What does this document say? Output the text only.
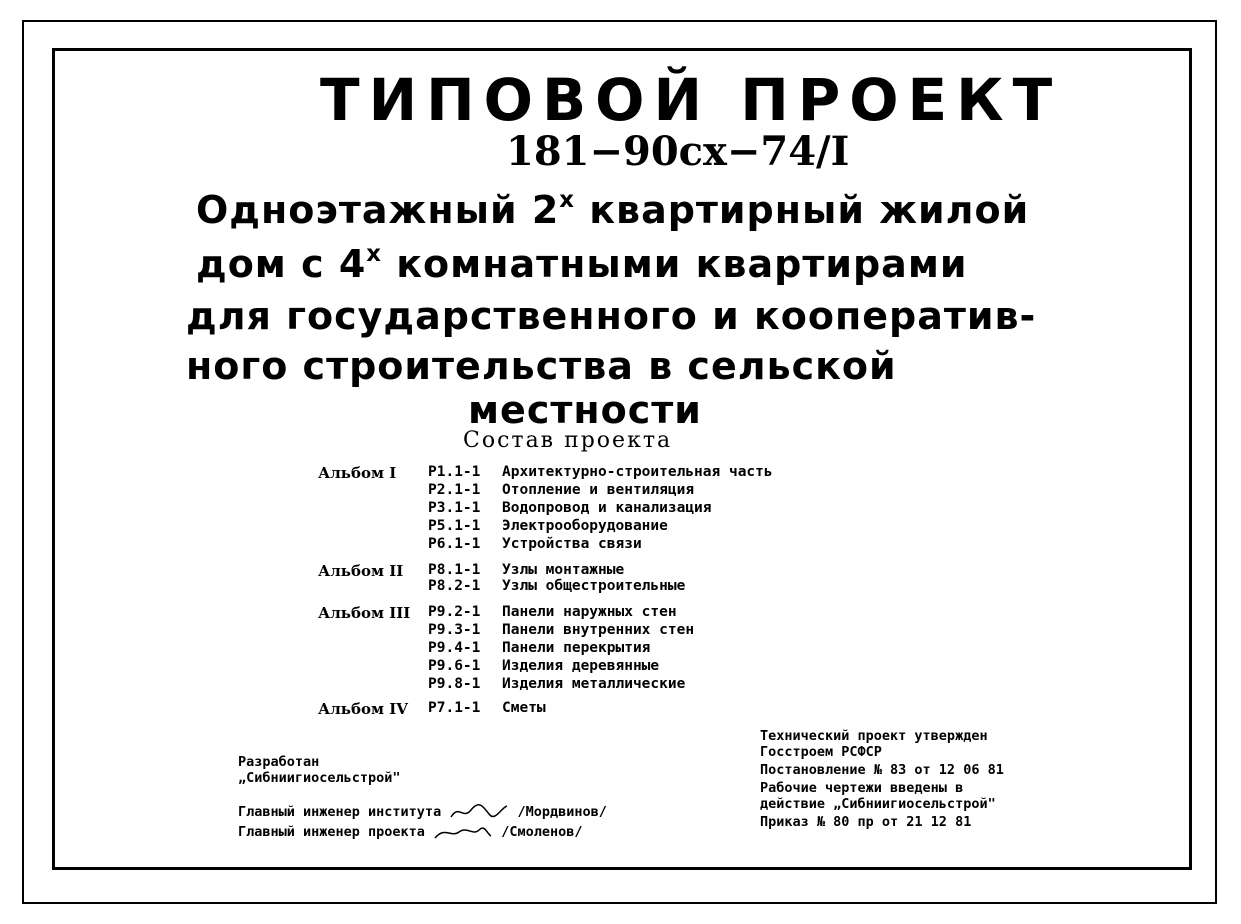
ТИПОВОЙ ПРОЕКТ
181−90сх−74/I
Одноэтажный $2^х$ квартирный жилой
дом с $4^х$ комнатными квартирами
для государственного и кооператив-
ного строительства в сельской
местности
Состав проекта
Альбом I Р1.1-1 Архитектурно-строительная часть
Р2.1-1 Отопление и вентиляция
Р3.1-1 Водопровод и канализация
Р5.1-1 Электрооборудование
Р6.1-1 Устройства связи
Альбом II Р8.1-1 Узлы монтажные
Р8.2-1 Узлы общестроительные
Альбом III Р9.2-1 Панели наружных стен
Р9.3-1 Панели внутренних стен
Р9.4-1 Панели перекрытия
Р9.6-1 Изделия деревянные
Р9.8-1 Изделия металлические
Альбом IV Р7.1-1 Сметы
Разработан
„Сибниигиосельстрой"
Главный инженер института	/Мордвинов/
Главный инженер проекта	/Смоленов/
Технический проект утвержден
Госстроем РСФСР
Постановление № 83 от 12 06 81
Рабочие чертежи введены в
действие „Сибниигиосельстрой"
Приказ № 80 пр от 21 12 81
